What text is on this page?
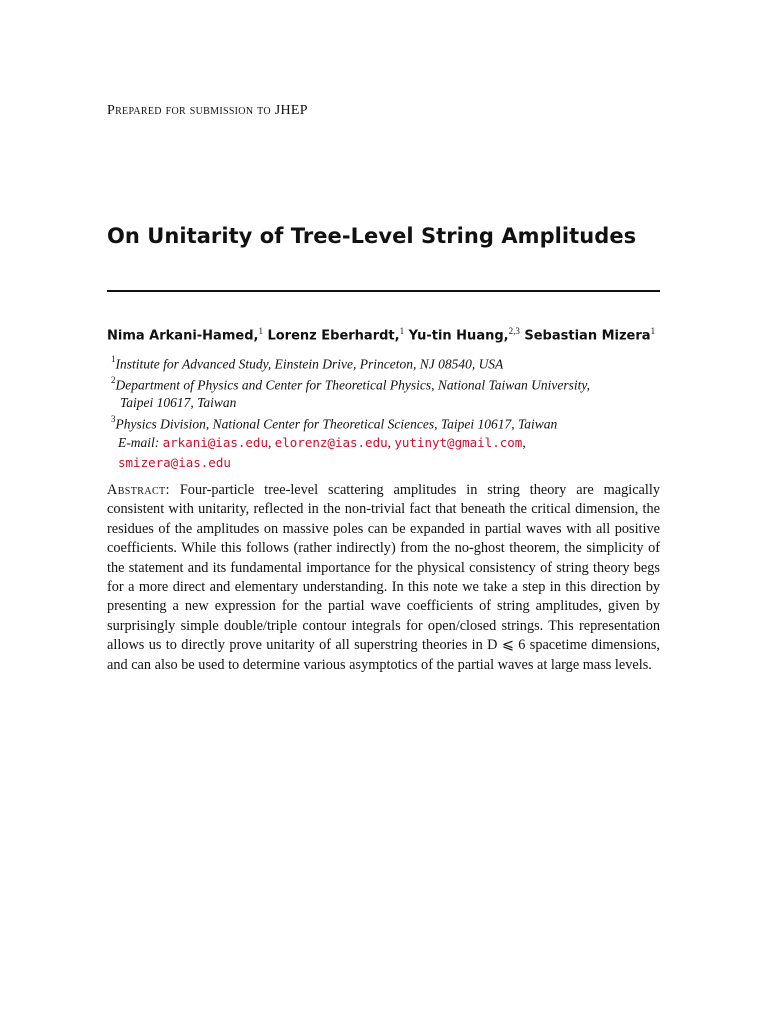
Prepared for submission to JHEP
On Unitarity of Tree-Level String Amplitudes
Nima Arkani-Hamed,$^1$ Lorenz Eberhardt,$^1$ Yu-tin Huang,$^{2,3}$ Sebastian Mizera$^1$
$^1$Institute for Advanced Study, Einstein Drive, Princeton, NJ 08540, USA
$^2$Department of Physics and Center for Theoretical Physics, National Taiwan University,
Taipei 10617, Taiwan
$^3$Physics Division, National Center for Theoretical Sciences, Taipei 10617, Taiwan
E-mail: arkani@ias.edu, elorenz@ias.edu, yutinyt@gmail.com,
smizera@ias.edu
Abstract: Four-particle tree-level scattering amplitudes in string theory are magically consistent with unitarity, reflected in the non-trivial fact that beneath the critical dimension, the residues of the amplitudes on massive poles can be expanded in partial waves with all positive coefficients. While this follows (rather indirectly) from the no-ghost theorem, the simplicity of the statement and its fundamental importance for the physical consistency of string theory begs for a more direct and elementary understanding. In this note we take a step in this direction by presenting a new expression for the partial wave coefficients of string amplitudes, given by surprisingly simple double/triple contour integrals for open/closed strings. This representation allows us to directly prove unitarity of all superstring theories in D ⩽ 6 spacetime dimensions, and can also be used to determine various asymptotics of the partial waves at large mass levels.
